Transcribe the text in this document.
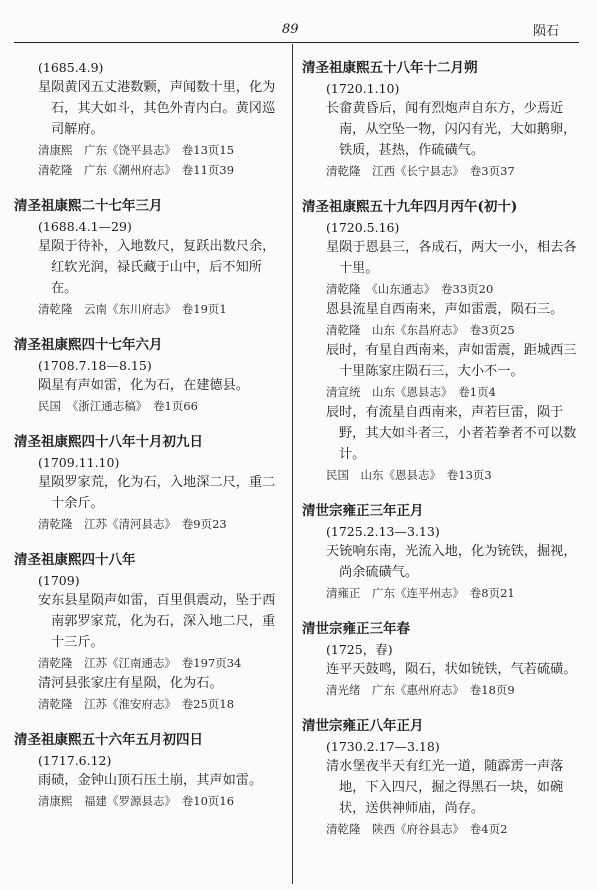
89	陨石
(1685.4.9)
星陨黄冈五丈港数颗，声闻数十里，化为石，其大如斗，其色外青内白。黄冈巡司解府。
清康熙　广东《饶平县志》　卷13页15
清乾隆　广东《潮州府志》　卷11页39
清圣祖康熙二十七年三月
(1688.4.1—29)
星陨于待补，入地数尺，复跃出数尺余，红软光润，禄氏藏于山中，后不知所在。
清乾隆　云南《东川府志》　卷19页1
清圣祖康熙四十七年六月
(1708.7.18—8.15)
陨星有声如雷，化为石，在建德县。
民国　《浙江通志稿》　卷1页66
清圣祖康熙四十八年十月初九日
(1709.11.10)
星陨罗家荒，化为石，入地深二尺，重二十余斤。
清乾隆　江苏《清河县志》　卷9页23
清圣祖康熙四十八年
(1709)
安东县星陨声如雷，百里俱震动，坠于西南郭罗家荒，化为石，深入地二尺，重十三斤。
清乾隆　江苏《江南通志》　卷197页34
清河县张家庄有星陨，化为石。
清乾隆　江苏《淮安府志》　卷25页18
清圣祖康熙五十六年五月初四日
(1717.6.12)
雨碛，金钟山顶石压土崩，其声如雷。
清康熙　福建《罗源县志》　卷10页16
清圣祖康熙五十八年十二月朔
(1720.1.10)
长畲黄昏后，闻有烈炮声自东方，少焉近南，从空坠一物，闪闪有光，大如鹅卵，铁质，甚热，作硫磺气。
清乾隆　江西《长宁县志》　卷3页37
清圣祖康熙五十九年四月丙午(初十)
(1720.5.16)
星陨于恩县三，各成石，两大一小，相去各十里。
清乾隆　《山东通志》　卷33页20
恩县流星自西南来，声如雷震，陨石三。
清乾隆　山东《东昌府志》　卷3页25
辰时，有星自西南来，声如雷震，距城西三十里陈家庄陨石三，大小不一。
清宣统　山东《恩县志》　卷1页4
辰时，有流星自西南来，声若巨雷，陨于野，其大如斗者三，小者若拳者不可以数计。
民国　山东《恩县志》　卷13页3
清世宗雍正三年正月
(1725.2.13—3.13)
天铳响东南，光流入地，化为铳铁，掘视，尚余硫磺气。
清雍正　广东《连平州志》　卷8页21
清世宗雍正三年春
(1725，春)
连平天鼓鸣，陨石，状如铳铁，气若硫磺。
清光绪　广东《惠州府志》　卷18页9
清世宗雍正八年正月
(1730.2.17—3.18)
清水堡夜半天有红光一道，随霹雳一声落地，下入四尺，掘之得黑石一块，如碗状，送供神师庙，尚存。
清乾隆　陕西《府谷县志》　卷4页2
